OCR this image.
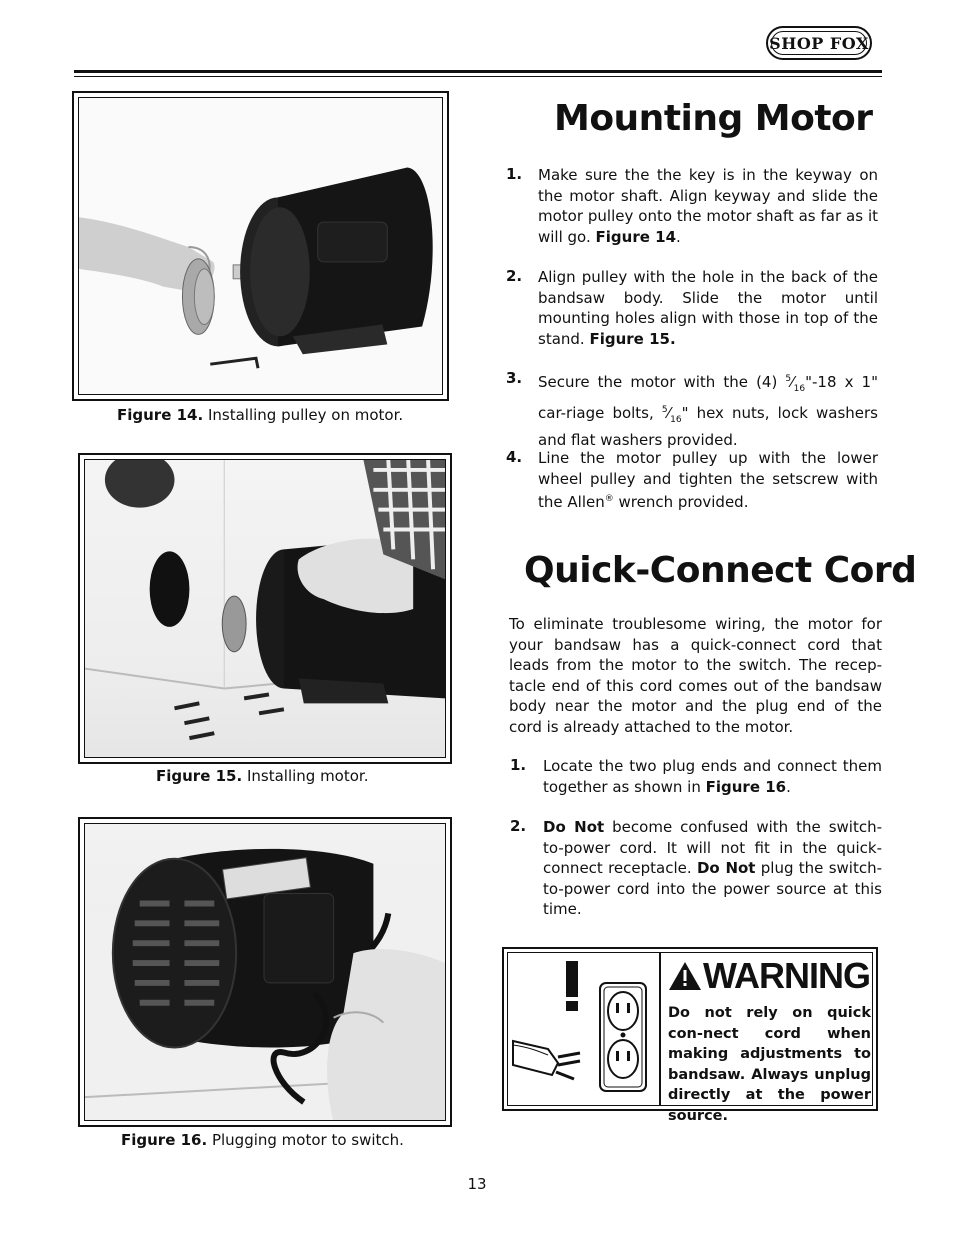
SHOP FOX
Figure 14. Installing pulley on motor.
Figure 15. Installing motor.
Figure 16. Plugging motor to switch.
Mounting Motor
1. Make sure the the key is in the keyway on the motor shaft. Align keyway and slide the motor pulley onto the motor shaft as far as it will go. Figure 14.
2. Align pulley with the hole in the back of the bandsaw body. Slide the motor until mounting holes align with those in top of the stand. Figure 15.
3. Secure the motor with the (4) $^5⁄_{16}"-18$ x 1" car-riage bolts, $^5⁄_{16}$" hex nuts, lock washers and flat washers provided.
4. Line the motor pulley up with the lower wheel pulley and tighten the setscrew with the Allen® wrench provided.
Quick-Connect Cord
To eliminate troublesome wiring, the motor for your bandsaw has a quick-connect cord that leads from the motor to the switch. The recep-tacle end of this cord comes out of the bandsaw body near the motor and the plug end of the cord is already attached to the motor.
1. Locate the two plug ends and connect them together as shown in Figure 16.
2. Do Not become confused with the switch-to-power cord. It will not fit in the quick-connect receptacle. Do Not plug the switch-to-power cord into the power source at this time.
WARNING
Do not rely on quick con-nect cord when making adjustments to bandsaw. Always unplug directly at the power source.
13
